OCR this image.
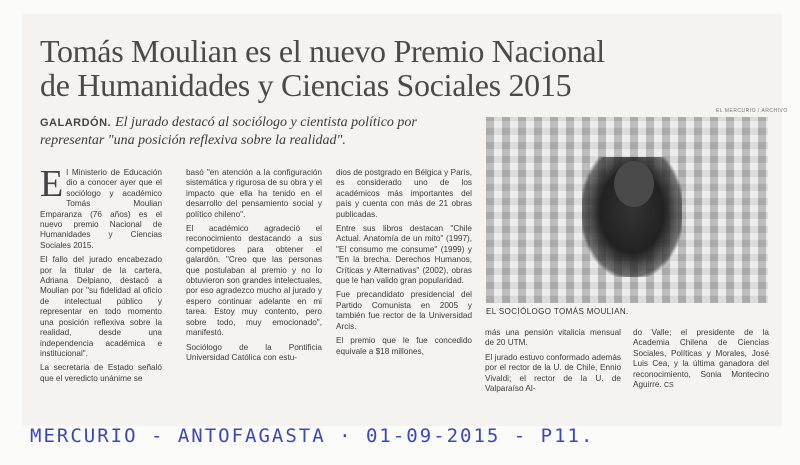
Tomás Moulian es el nuevo Premio Nacional
de Humanidades y Ciencias Sociales 2015
GALARDÓN. El jurado destacó al sociólogo y cientista político por representar "una posición reflexiva sobre la realidad".
EL MERCURIO / ARCHIVO
EL SOCIÓLOGO TOMÁS MOULIAN.

El Ministerio de Educación dio a conocer ayer que el sociólogo y académico Tomás Moulian Emparanza (76 años) es el nuevo premio Nacional de Humanidades y Ciencias Sociales 2015.

El fallo del jurado encabezado por la titular de la cartera, Adriana Delpiano, destacó a Moulian por "su fidelidad al oficio de intelectual público y representar en todo momento una posición reflexiva sobre la realidad, desde una independencia académica e institucional".

La secretaria de Estado señaló que el veredicto unánime se

basó "en atención a la configuración sistemática y rigurosa de su obra y el impacto que ella ha tenido en el desarrollo del pensamiento social y político chileno".

El académico agradeció el reconocimiento destacando a sus competidores para obtener el galardón. "Creo que las personas que postulaban al premio y no lo obtuvieron son grandes intelectuales, por eso agradezco mucho al jurado y espero continuar adelante en mi tarea. Estoy muy contento, pero sobre todo, muy emocionado", manifestó.

Sociólogo de la Pontificia Universidad Católica con estu-

dios de postgrado en Bélgica y París, es considerado uno de los académicos más importantes del país y cuenta con más de 21 obras publicadas.

Entre sus libros destacan "Chile Actual. Anatomía de un mito" (1997), "El consumo me consume" (1999) y "En la brecha. Derechos Humanos, Críticas y Alternativas" (2002), obras que le han valido gran popularidad.

Fue precandidato presidencial del Partido Comunista en 2005 y también fue rector de la Universidad Arcis.

El premio que le fue concedido equivale a $18 millones,

más una pensión vitalicia mensual de 20 UTM.

El jurado estuvo conformado además por el rector de la U. de Chile, Ennio Vivaldi; el rector de la U. de Valparaíso Al-

do Valle; el presidente de la Academia Chilena de Ciencias Sociales, Políticas y Morales, José Luis Cea, y la última ganadora del reconocimiento, Sonia Montecino Aguirre. CS

MERCURIO - ANTOFAGASTA · 01-09-2015 - P11.
